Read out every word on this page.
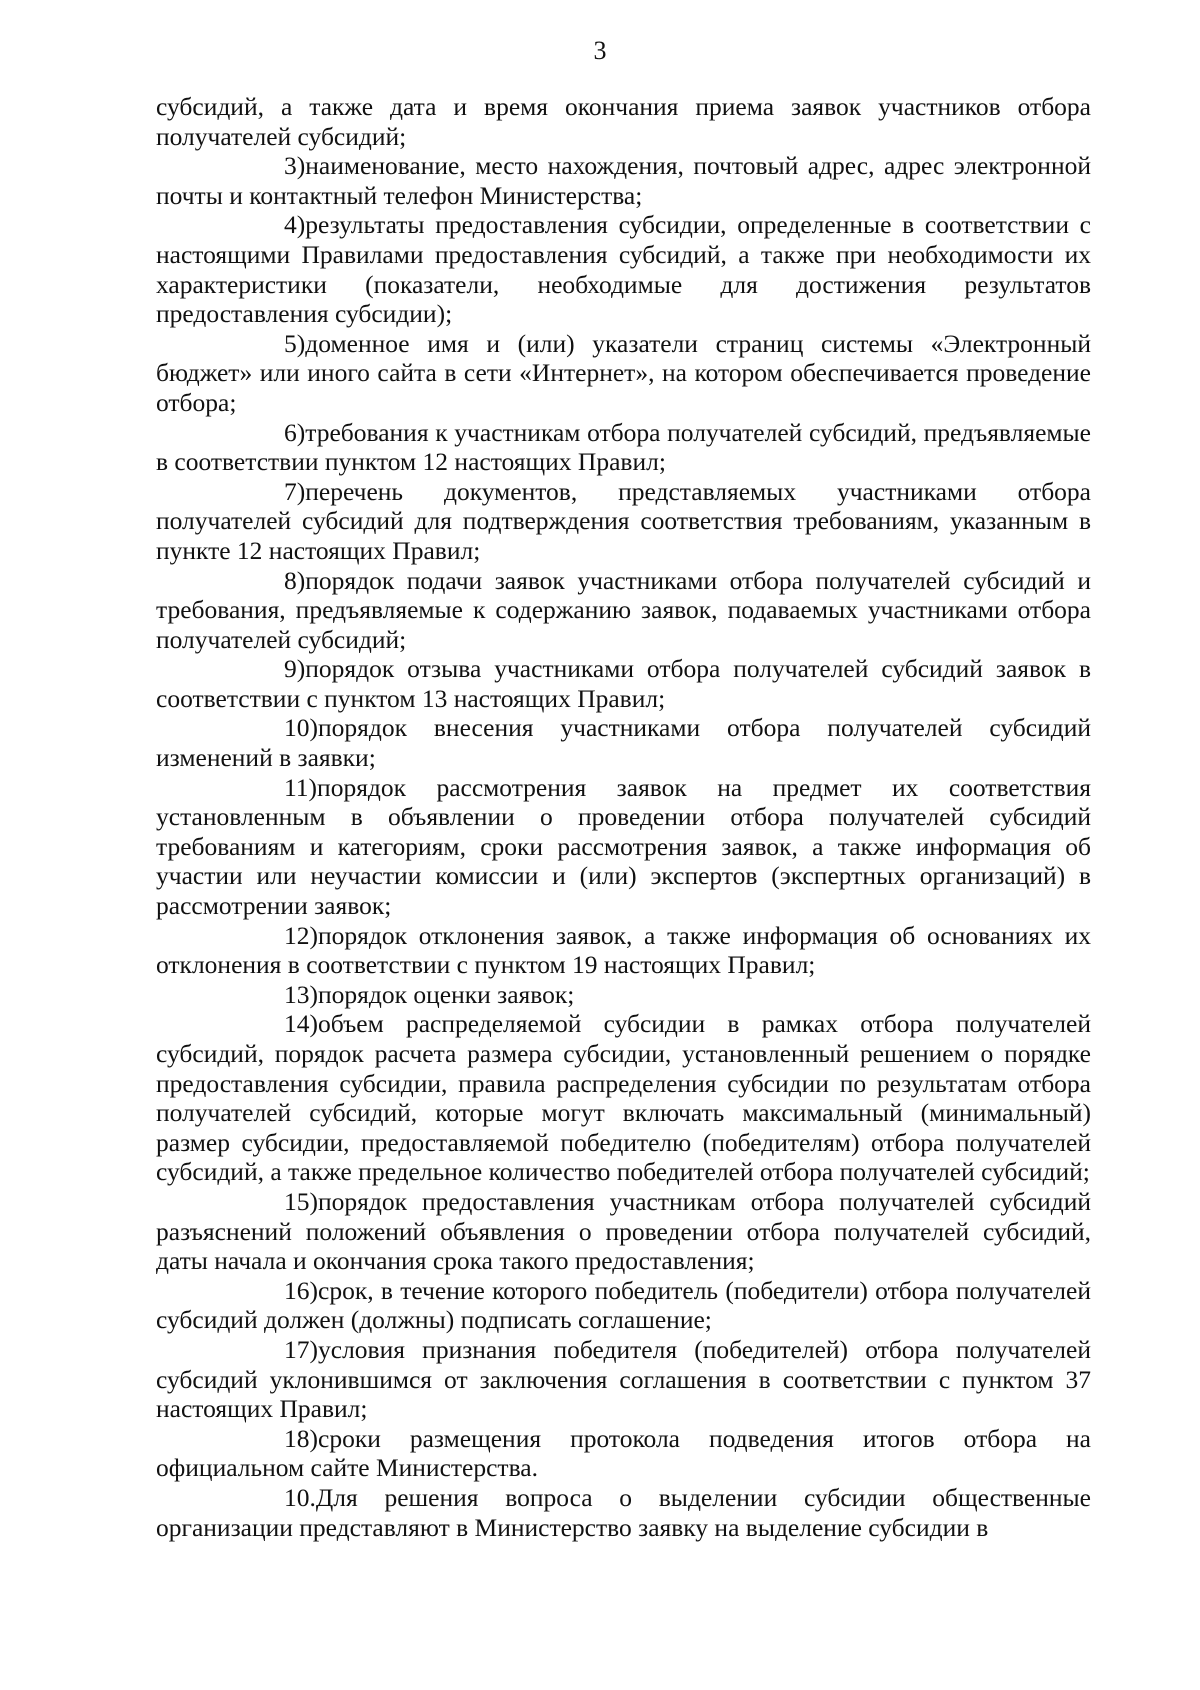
3

субсидий, а также дата и время окончания приема заявок участников отбора получателей субсидий;

3)наименование, место нахождения, почтовый адрес, адрес электронной почты и контактный телефон Министерства;

4)результаты предоставления субсидии, определенные в соответствии с настоящими Правилами предоставления субсидий, а также при необходимости их характеристики (показатели, необходимые для достижения результатов предоставления субсидии);

5)доменное имя и (или) указатели страниц системы «Электронный бюджет» или иного сайта в сети «Интернет», на котором обеспечивается проведение отбора;

6)требования к участникам отбора получателей субсидий, предъявляемые в соответствии пунктом 12 настоящих Правил;

7)перечень документов, представляемых участниками отбора получателей субсидий для подтверждения соответствия требованиям, указанным в пункте 12 настоящих Правил;

8)порядок подачи заявок участниками отбора получателей субсидий и требования, предъявляемые к содержанию заявок, подаваемых участниками отбора получателей субсидий;

9)порядок отзыва участниками отбора получателей субсидий заявок в соответствии с пунктом 13 настоящих Правил;

10)порядок внесения участниками отбора получателей субсидий изменений в заявки;

11)порядок рассмотрения заявок на предмет их соответствия установленным в объявлении о проведении отбора получателей субсидий требованиям и категориям, сроки рассмотрения заявок, а также информация об участии или неучастии комиссии и (или) экспертов (экспертных организаций) в рассмотрении заявок;

12)порядок отклонения заявок, а также информация об основаниях их отклонения в соответствии с пунктом 19 настоящих Правил;

13)порядок оценки заявок;

14)объем распределяемой субсидии в рамках отбора получателей субсидий, порядок расчета размера субсидии, установленный решением о порядке предоставления субсидии, правила распределения субсидии по результатам отбора получателей субсидий, которые могут включать максимальный (минимальный) размер субсидии, предоставляемой победителю (победителям) отбора получателей субсидий, а также предельное количество победителей отбора получателей субсидий;

15)порядок предоставления участникам отбора получателей субсидий разъяснений положений объявления о проведении отбора получателей субсидий, даты начала и окончания срока такого предоставления;

16)срок, в течение которого победитель (победители) отбора получателей субсидий должен (должны) подписать соглашение;

17)условия признания победителя (победителей) отбора получателей субсидий уклонившимся от заключения соглашения в соответствии с пунктом 37 настоящих Правил;

18)сроки размещения протокола подведения итогов отбора на официальном сайте Министерства.

10.Для решения вопроса о выделении субсидии общественные организации представляют в Министерство заявку на выделение субсидии в
